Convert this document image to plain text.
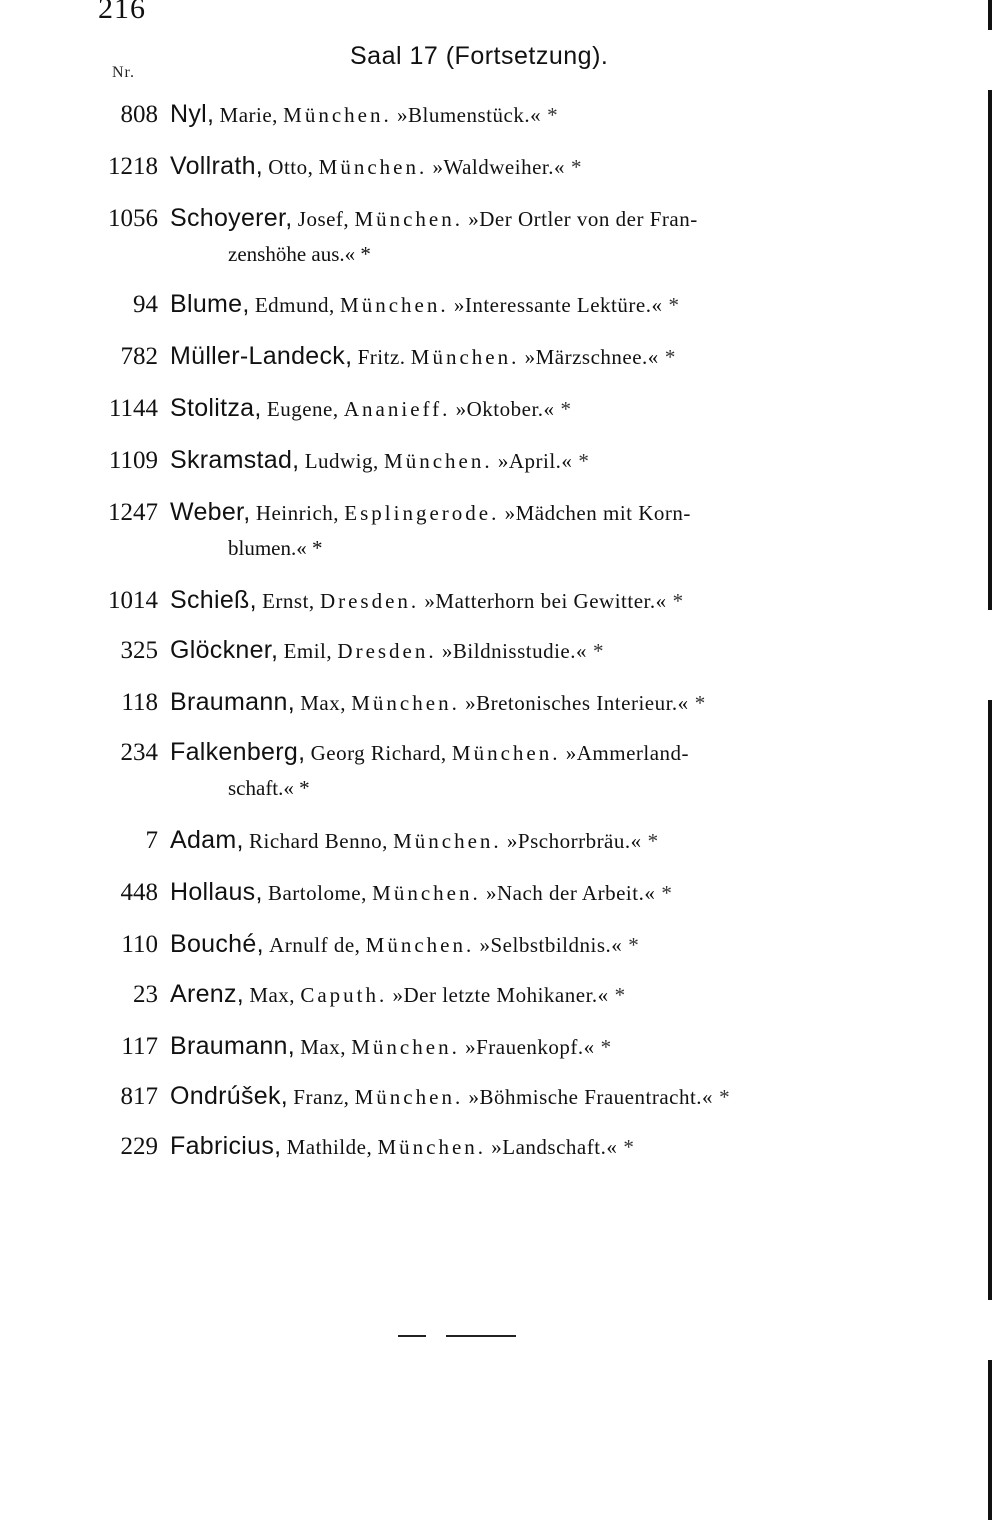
216
Saal 17 (Fortsetzung).
Nr.
808 Nyl, Marie, München. »Blumenstück.« *
1218 Vollrath, Otto, München. »Waldweiher.« *
1056 Schoyerer, Josef, München. »Der Ortler von der Fran-
zenshöhe aus.« *
94 Blume, Edmund, München. »Interessante Lektüre.« *
782 Müller-Landeck, Fritz. München. »Märzschnee.« *
1144 Stolitza, Eugene, Ananieff. »Oktober.« *
1109 Skramstad, Ludwig, München. »April.« *
1247 Weber, Heinrich, Esplingerode. »Mädchen mit Korn-
blumen.« *
1014 Schieß, Ernst, Dresden. »Matterhorn bei Gewitter.« *
325 Glöckner, Emil, Dresden. »Bildnisstudie.« *
118 Braumann, Max, München. »Bretonisches Interieur.« *
234 Falkenberg, Georg Richard, München. »Ammerland-
schaft.« *
7 Adam, Richard Benno, München. »Pschorrbräu.« *
448 Hollaus, Bartolome, München. »Nach der Arbeit.« *
110 Bouché, Arnulf de, München. »Selbstbildnis.« *
23 Arenz, Max, Caputh. »Der letzte Mohikaner.« *
117 Braumann, Max, München. »Frauenkopf.« *
817 Ondrúšek, Franz, München. »Böhmische Frauentracht.« *
229 Fabricius, Mathilde, München. »Landschaft.« *
